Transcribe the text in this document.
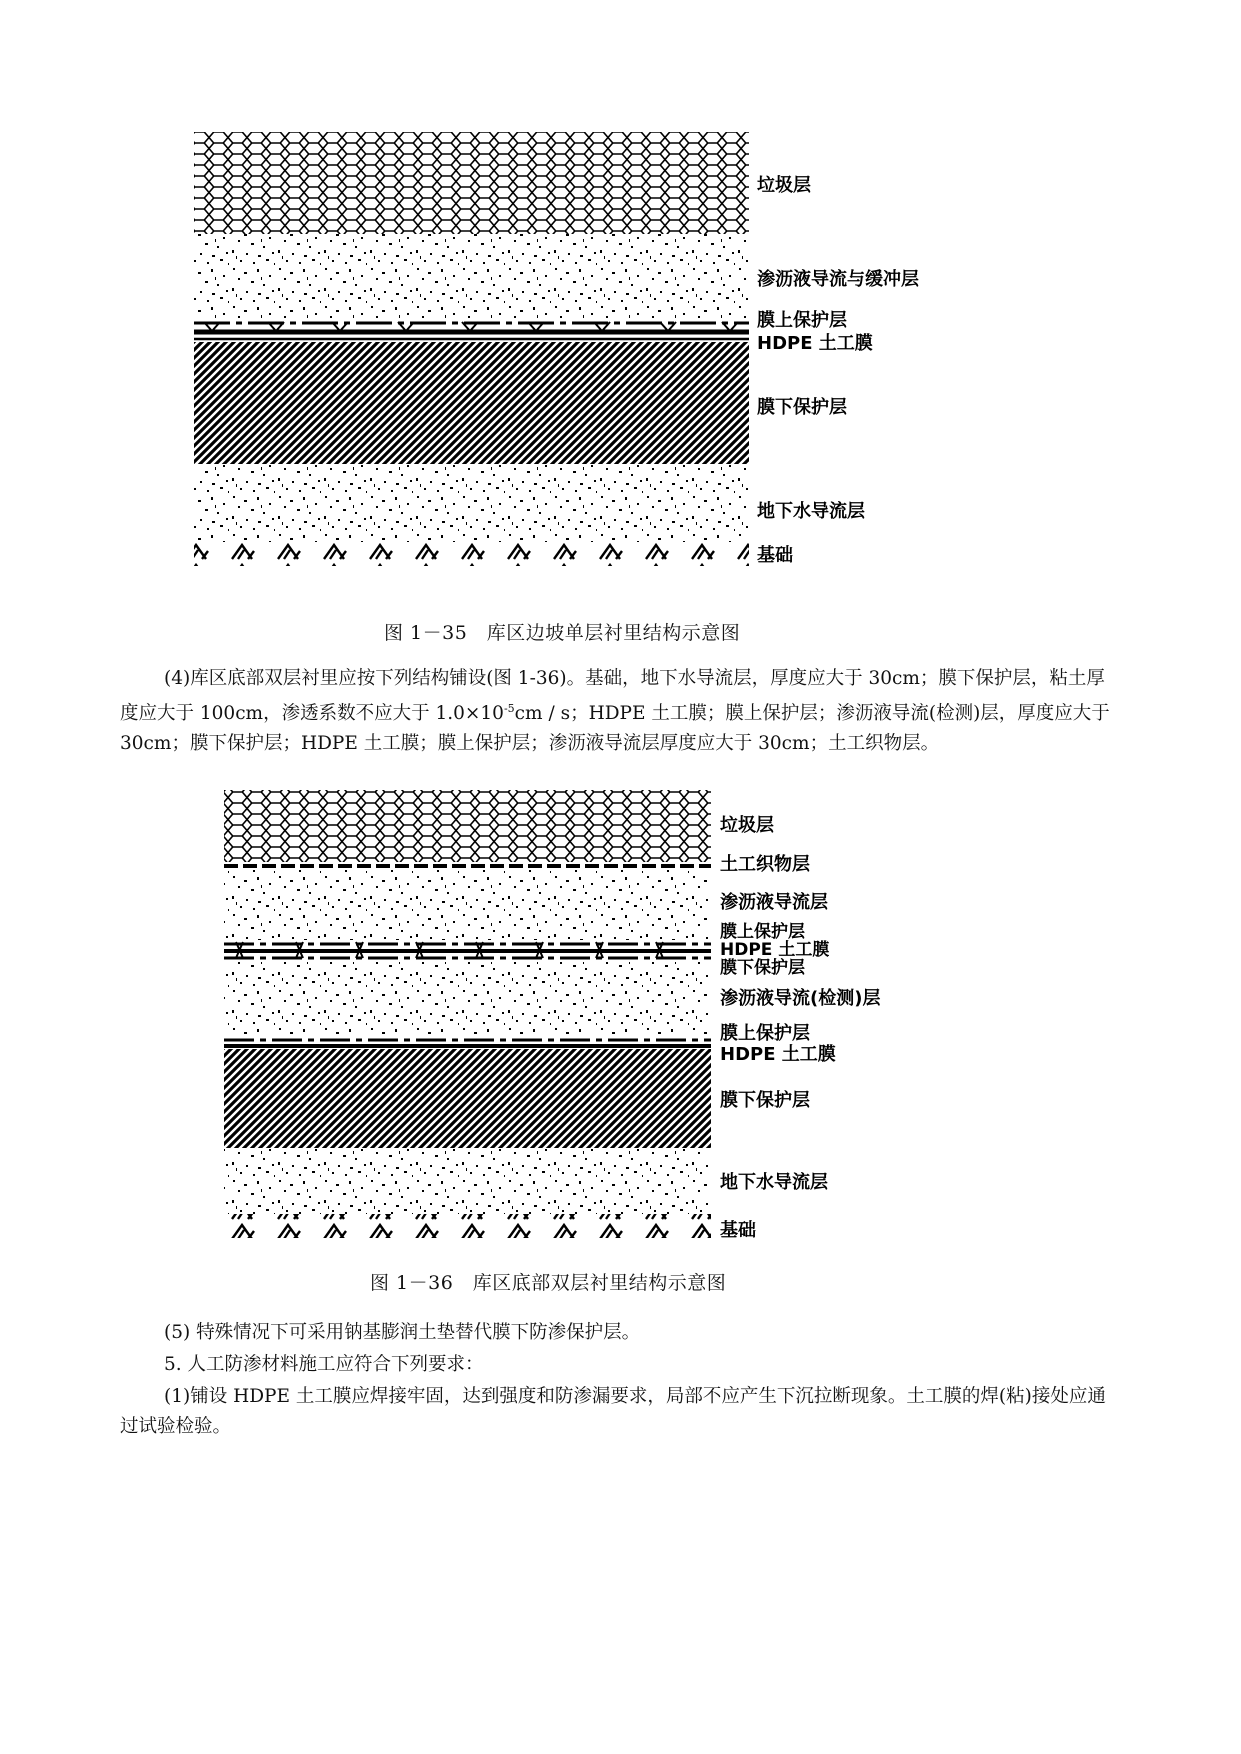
垃圾层
渗沥液导流与缓冲层
膜上保护层
HDPE 土工膜
膜下保护层
地下水导流层
基础
图 1－35　库区边坡单层衬里结构示意图

(4)库区底部双层衬里应按下列结构铺设(图 1-36)。基础，地下水导流层，厚度应大于 30cm；膜下保护层，粘土厚度应大于 100cm，渗透系数不应大于 $1.0\times 10^{-5}cm / s$；HDPE 土工膜；膜上保护层；渗沥液导流(检测)层，厚度应大于 30cm；膜下保护层；HDPE 土工膜；膜上保护层；渗沥液导流层厚度应大于 30cm；土工织物层。

垃圾层
土工织物层
渗沥液导流层
膜上保护层
HDPE 土工膜
膜下保护层
渗沥液导流(检测)层
膜上保护层
HDPE 土工膜
膜下保护层
地下水导流层
基础
图 1－36　库区底部双层衬里结构示意图

(5) 特殊情况下可采用钠基膨润土垫替代膜下防渗保护层。

5. 人工防渗材料施工应符合下列要求：

(1)铺设 HDPE 土工膜应焊接牢固，达到强度和防渗漏要求，局部不应产生下沉拉断现象。土工膜的焊(粘)接处应通过试验检验。
